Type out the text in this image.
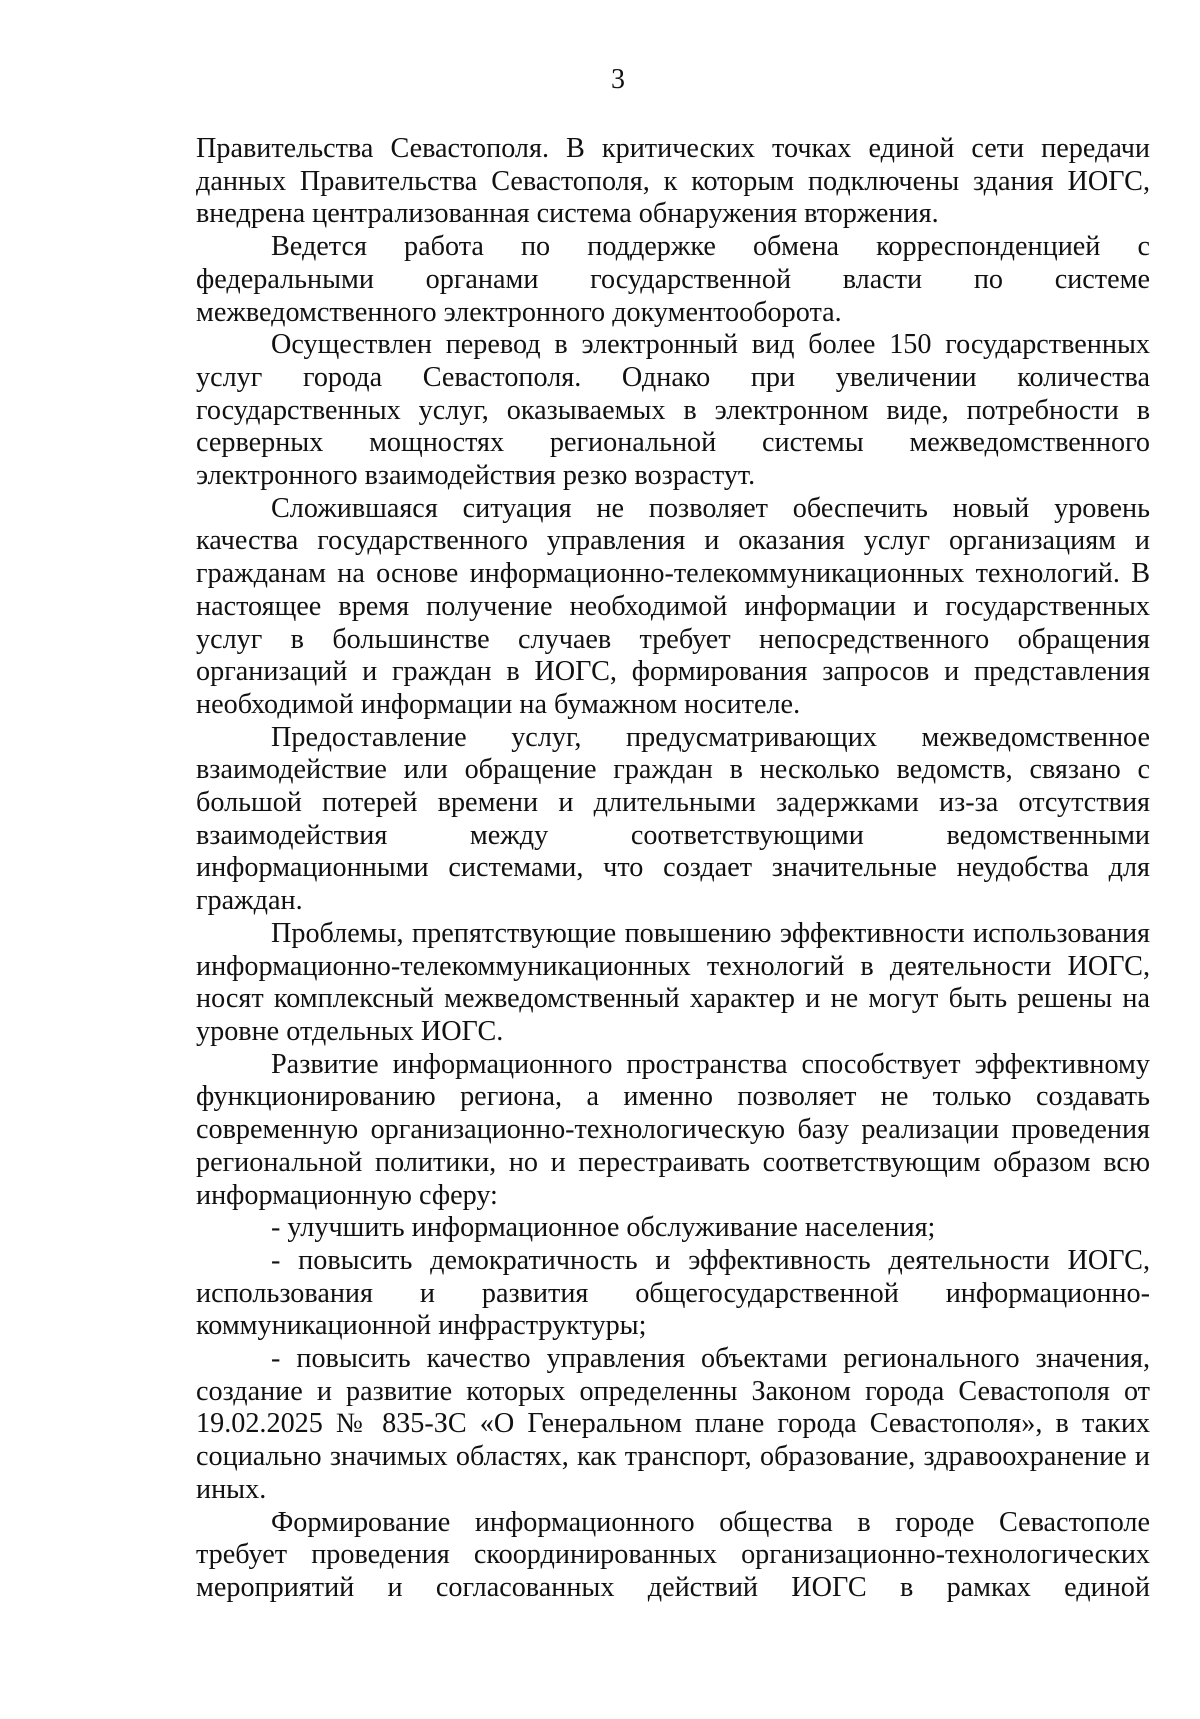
3

Правительства Севастополя. В критических точках единой сети передачи данных Правительства Севастополя, к которым подключены здания ИОГС, внедрена централизованная система обнаружения вторжения.

Ведется работа по поддержке обмена корреспонденцией с федеральными органами государственной власти по системе межведомственного электронного документооборота.

Осуществлен перевод в электронный вид более 150 государственных услуг города Севастополя. Однако при увеличении количества государственных услуг, оказываемых в электронном виде, потребности в серверных мощностях региональной системы межведомственного электронного взаимодействия резко возрастут.

Сложившаяся ситуация не позволяет обеспечить новый уровень качества государственного управления и оказания услуг организациям и гражданам на основе информационно-телекоммуникационных технологий. В настоящее время получение необходимой информации и государственных услуг в большинстве случаев требует непосредственного обращения организаций и граждан в ИОГС, формирования запросов и представления необходимой информации на бумажном носителе.

Предоставление услуг, предусматривающих межведомственное взаимодействие или обращение граждан в несколько ведомств, связано с большой потерей времени и длительными задержками из-за отсутствия взаимодействия между соответствующими ведомственными информационными системами, что создает значительные неудобства для граждан.

Проблемы, препятствующие повышению эффективности использования информационно-телекоммуникационных технологий в деятельности ИОГС, носят комплексный межведомственный характер и не могут быть решены на уровне отдельных ИОГС.

Развитие информационного пространства способствует эффективному функционированию региона, а именно позволяет не только создавать современную организационно-технологическую базу реализации проведения региональной политики, но и перестраивать соответствующим образом всю информационную сферу:

- улучшить информационное обслуживание населения;

- повысить демократичность и эффективность деятельности ИОГС, использования и развития общегосударственной информационно-коммуникационной инфраструктуры;

- повысить качество управления объектами регионального значения, создание и развитие которых определенны Законом города Севастополя от 19.02.2025 № 835-ЗС «О Генеральном плане города Севастополя», в таких социально значимых областях, как транспорт, образование, здравоохранение и иных.

Формирование информационного общества в городе Севастополе требует проведения скоординированных организационно-технологических мероприятий и согласованных действий ИОГС в рамках единой
